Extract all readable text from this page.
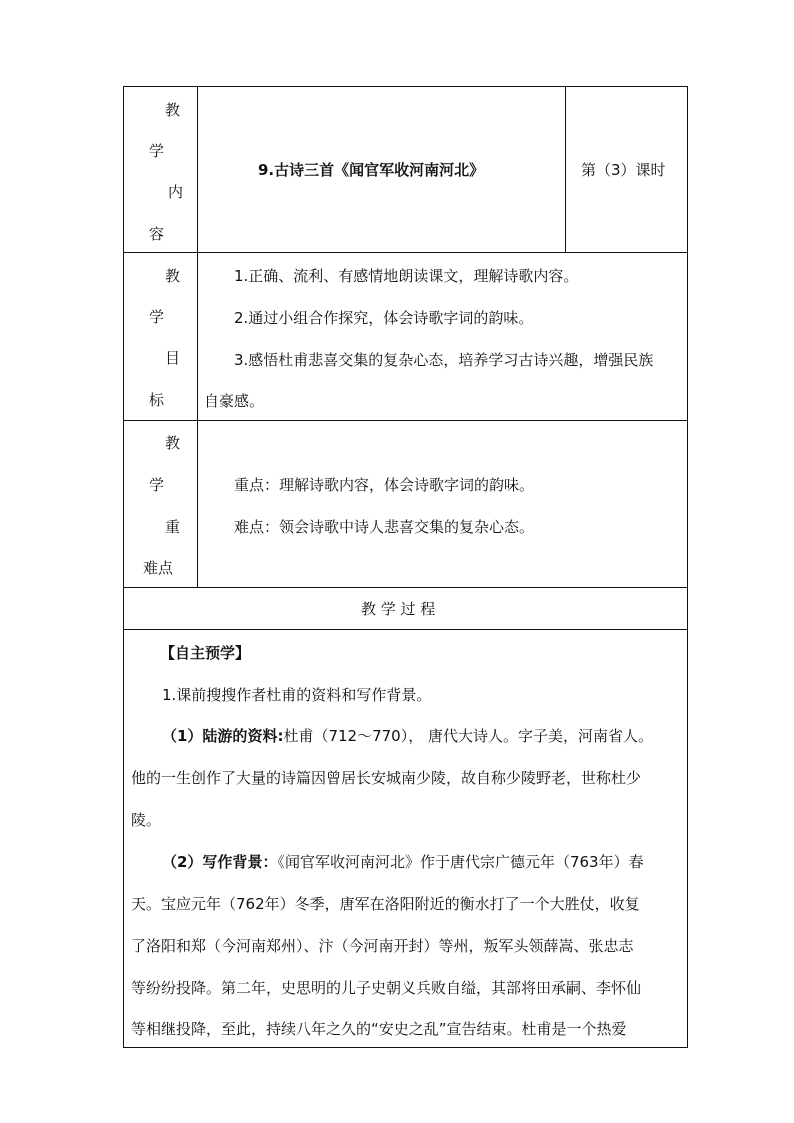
教
学
内
容
9.古诗三首《闻官军收河南河北》	第（3）课时
教
学
目
标
1.正确、流利、有感情地朗读课文，理解诗歌内容。
2.通过小组合作探究，体会诗歌字词的韵味。
3.感悟杜甫悲喜交集的复杂心态，培养学习古诗兴趣，增强民族
自豪感。
教
学
重
难点
重点：理解诗歌内容，体会诗歌字词的韵味。
难点：领会诗歌中诗人悲喜交集的复杂心态。
教 学 过 程
【自主预学】
1.课前搜搜作者杜甫的资料和写作背景。
（1）陆游的资料:杜甫（712～770）， 唐代大诗人。字子美，河南省人。
他的一生创作了大量的诗篇因曾居长安城南少陵，故自称少陵野老，世称杜少
陵。
（2）写作背景：《闻官军收河南河北》作于唐代宗广德元年（763年）春
天。宝应元年（762年）冬季，唐军在洛阳附近的衡水打了一个大胜仗，收复
了洛阳和郑（今河南郑州）、汴（今河南开封）等州，叛军头领薛嵩、张忠志
等纷纷投降。第二年，史思明的儿子史朝义兵败自缢，其部将田承嗣、李怀仙
等相继投降，至此，持续八年之久的“安史之乱”宣告结束。杜甫是一个热爱
